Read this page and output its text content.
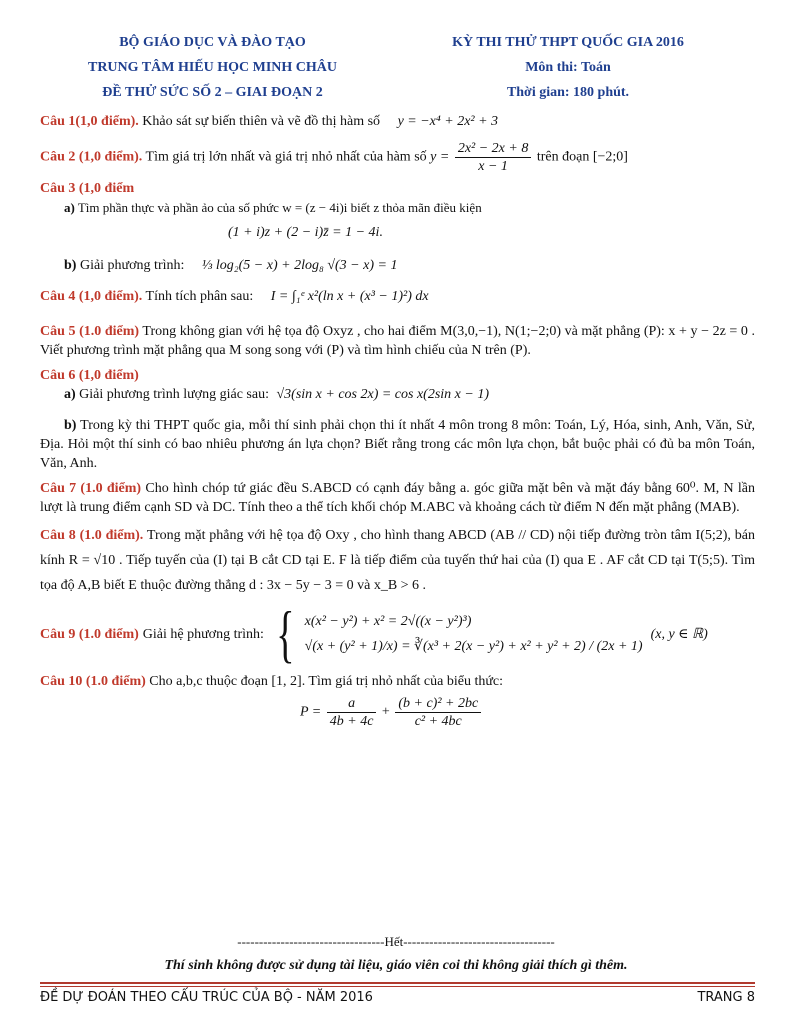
BỘ GIÁO DỤC VÀ ĐÀO TẠO
TRUNG TÂM HIẾU HỌC MINH CHÂU
ĐỀ THỬ SỨC SỐ 2 – GIAI ĐOẠN 2
KỲ THI THỬ THPT QUỐC GIA 2016
Môn thi: Toán
Thời gian: 180 phút.
Câu 1(1,0 điểm). Khảo sát sự biến thiên và vẽ đồ thị hàm số y = −x⁴ + 2x² + 3
Câu 2 (1,0 điểm). Tìm giá trị lớn nhất và giá trị nhỏ nhất của hàm số $y = \frac{\text{2x² − 2x + 8}}{x - 1}$ trên đoạn [−2;0]
Câu 3 (1,0 điểm
a) Tìm phần thực và phần ảo của số phức w = (z − 4i)i biết z thỏa mãn điều kiện
(1 + i)z + (2 − i)z̄ = 1 − 4i.
b) Giải phương trình: ⅓ log₂(5 − x) + 2log₈ √(3 − x) = 1
Câu 4 (1,0 điểm). Tính tích phân sau: I = ∫₁ᵉ x²(ln x + (x³ − 1)²) dx
Câu 5 (1.0 điểm) Trong không gian với hệ tọa độ Oxyz , cho hai điểm M(3,0,−1), N(1;−2;0) và mặt phẳng (P): x + y − 2z = 0 . Viết phương trình mặt phẳng qua M song song với (P) và tìm hình chiếu của N trên (P).
Câu 6 (1,0 điểm)
a) Giải phương trình lượng giác sau: √3(sin x + cos 2x) = cos x(2sin x − 1)
b) Trong kỳ thi THPT quốc gia, mỗi thí sinh phải chọn thi ít nhất 4 môn trong 8 môn: Toán, Lý, Hóa, sinh, Anh, Văn, Sử, Địa. Hỏi một thí sinh có bao nhiêu phương án lựa chọn? Biết rằng trong các môn lựa chọn, bắt buộc phải có đủ ba môn Toán, Văn, Anh.
Câu 7 (1.0 điểm) Cho hình chóp tứ giác đều S.ABCD có cạnh đáy bằng a. góc giữa mặt bên và mặt đáy bằng 60⁰. M, N lần lượt là trung điểm cạnh SD và DC. Tính theo a thể tích khối chóp M.ABC và khoảng cách từ điểm N đến mặt phẳng (MAB).
Câu 8 (1.0 điểm). Trong mặt phẳng với hệ tọa độ Oxy , cho hình thang ABCD (AB // CD) nội tiếp đường tròn tâm I(5;2), bán kính R = √10 . Tiếp tuyến của (I) tại B cắt CD tại E. F là tiếp điểm của tuyến thứ hai của (I) qua E . AF cắt CD tại T(5;5). Tìm tọa độ A,B biết E thuộc đường thẳng d : 3x − 5y − 3 = 0 và x_B > 6 .
Câu 9 (1.0 điểm) Giải hệ phương trình: { x(x² − y²) + x² = 2√((x − y²)³)
√(x + (y² + 1)/x) = ∛(x³ + 2(x − y²) + x² + y² + 2) / (2x + 1)
(x, y ∈ ℝ)
Câu 10 (1.0 điểm) Cho a,b,c thuộc đoạn [1, 2]. Tìm giá trị nhỏ nhất của biểu thức:
$P = \frac{a}{4b + 4c} + \frac{\text{(b + c)² + 2bc}}{\text{c² + 4bc}}$
----------------------------------Hết-----------------------------------
Thí sinh không được sử dụng tài liệu, giáo viên coi thi không giải thích gì thêm.
ĐỀ DỰ ĐOÁN THEO CẤU TRÚC CỦA BỘ - NĂM 2016	TRANG 8
